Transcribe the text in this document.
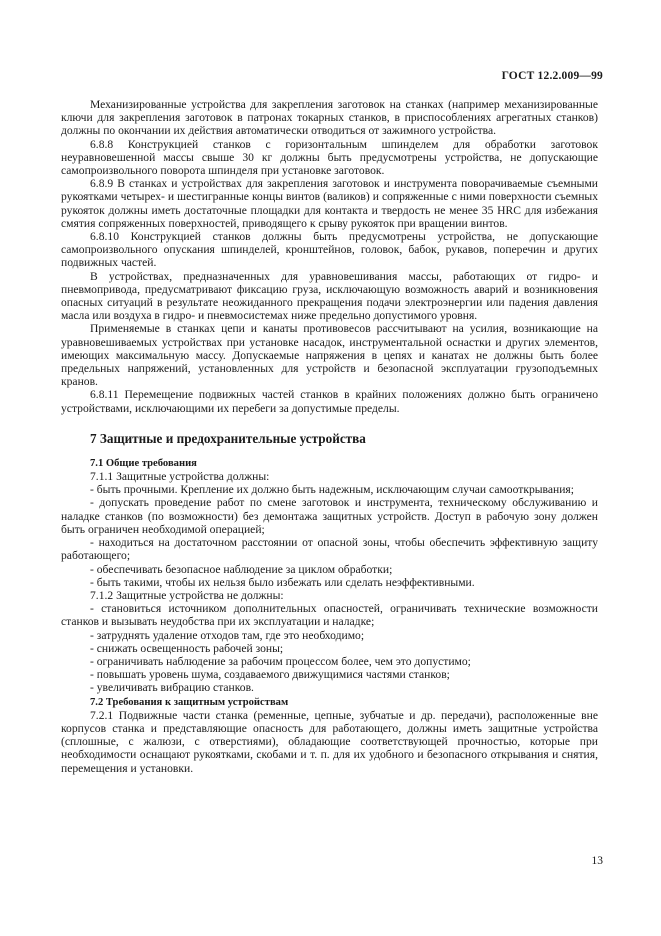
ГОСТ 12.2.009—99

Механизированные устройства для закрепления заготовок на станках (например механизированные ключи для закрепления заготовок в патронах токарных станков, в приспособлениях агрегатных станков) должны по окончании их действия автоматически отводиться от зажимного устройства.

6.8.8 Конструкцией станков с горизонтальным шпинделем для обработки заготовок неуравновешенной массы свыше 30 кг должны быть предусмотрены устройства, не допускающие самопроизвольного поворота шпинделя при установке заготовок.

6.8.9 В станках и устройствах для закрепления заготовок и инструмента поворачиваемые съемными рукоятками четырех- и шестигранные концы винтов (валиков) и сопряженные с ними поверхности съемных рукояток должны иметь достаточные площадки для контакта и твердость не менее 35 HRC для избежания смятия сопряженных поверхностей, приводящего к срыву рукояток при вращении винтов.

6.8.10 Конструкцией станков должны быть предусмотрены устройства, не допускающие самопроизвольного опускания шпинделей, кронштейнов, головок, бабок, рукавов, поперечин и других подвижных частей.

В устройствах, предназначенных для уравновешивания массы, работающих от гидро- и пневмопривода, предусматривают фиксацию груза, исключающую возможность аварий и возникновения опасных ситуаций в результате неожиданного прекращения подачи электроэнергии или падения давления масла или воздуха в гидро- и пневмосистемах ниже предельно допустимого уровня.

Применяемые в станках цепи и канаты противовесов рассчитывают на усилия, возникающие на уравновешиваемых устройствах при установке насадок, инструментальной оснастки и других элементов, имеющих максимальную массу. Допускаемые напряжения в цепях и канатах не должны быть более предельных напряжений, установленных для устройств и безопасной эксплуатации грузоподъемных кранов.

6.8.11 Перемещение подвижных частей станков в крайних положениях должно быть ограничено устройствами, исключающими их перебеги за допустимые пределы.

7 Защитные и предохранительные устройства
7.1 Общие требования

7.1.1 Защитные устройства должны:

- быть прочными. Крепление их должно быть надежным, исключающим случаи самооткрывания;

- допускать проведение работ по смене заготовок и инструмента, техническому обслуживанию и наладке станков (по возможности) без демонтажа защитных устройств. Доступ в рабочую зону должен быть ограничен необходимой операцией;

- находиться на достаточном расстоянии от опасной зоны, чтобы обеспечить эффективную защиту работающего;

- обеспечивать безопасное наблюдение за циклом обработки;

- быть такими, чтобы их нельзя было избежать или сделать неэффективными.

7.1.2 Защитные устройства не должны:

- становиться источником дополнительных опасностей, ограничивать технические возможности станков и вызывать неудобства при их эксплуатации и наладке;

- затруднять удаление отходов там, где это необходимо;

- снижать освещенность рабочей зоны;

- ограничивать наблюдение за рабочим процессом более, чем это допустимо;

- повышать уровень шума, создаваемого движущимися частями станков;

- увеличивать вибрацию станков.

7.2 Требования к защитным устройствам

7.2.1 Подвижные части станка (ременные, цепные, зубчатые и др. передачи), расположенные вне корпусов станка и представляющие опасность для работающего, должны иметь защитные устройства (сплошные, с жалюзи, с отверстиями), обладающие соответствующей прочностью, которые при необходимости оснащают рукоятками, скобами и т. п. для их удобного и безопасного открывания и снятия, перемещения и установки.

13
